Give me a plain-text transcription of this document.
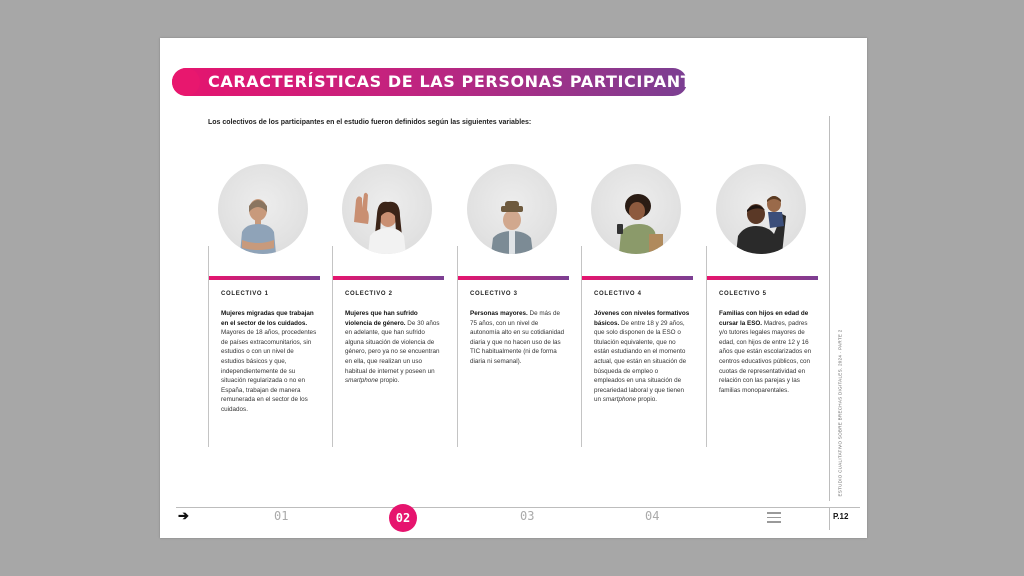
CARACTERÍSTICAS DE LAS PERSONAS PARTICIPANTES
Los colectivos de los participantes en el estudio fueron definidos según las siguientes variables:
ESTUDIO CUALITATIVO SOBRE BRECHAS DIGITALES. 2024 · PARTE 2
COLECTIVO 1
Mujeres migradas que trabajan en el sector de los cuidados. Mayores de 18 años, procedentes de países extracomunitarios, sin estudios o con un nivel de estudios básicos y que, independientemente de su situación regularizada o no en España, trabajan de manera remunerada en el sector de los cuidados.
COLECTIVO 2
Mujeres que han sufrido violencia de género. De 30 años en adelante, que han sufrido alguna situación de violencia de género, pero ya no se encuentran en ella, que realizan un uso habitual de internet y poseen un smartphone propio.
COLECTIVO 3
Personas mayores. De más de 75 años, con un nivel de autonomía alto en su cotidianidad diaria y que no hacen uso de las TIC habitualmente (ni de forma diaria ni semanal).
COLECTIVO 4
Jóvenes con niveles formativos básicos. De entre 18 y 29 años, que solo disponen de la ESO o titulación equivalente, que no están estudiando en el momento actual, que están en situación de búsqueda de empleo o empleados en una situación de precariedad laboral y que tienen un smartphone propio.
COLECTIVO 5
Familias con hijos en edad de cursar la ESO. Madres, padres y/o tutores legales mayores de edad, con hijos de entre 12 y 16 años que están escolarizados en centros educativos públicos, con cuotas de representatividad en relación con las parejas y las familias monoparentales.
➔	01	02	03	04	P.12
